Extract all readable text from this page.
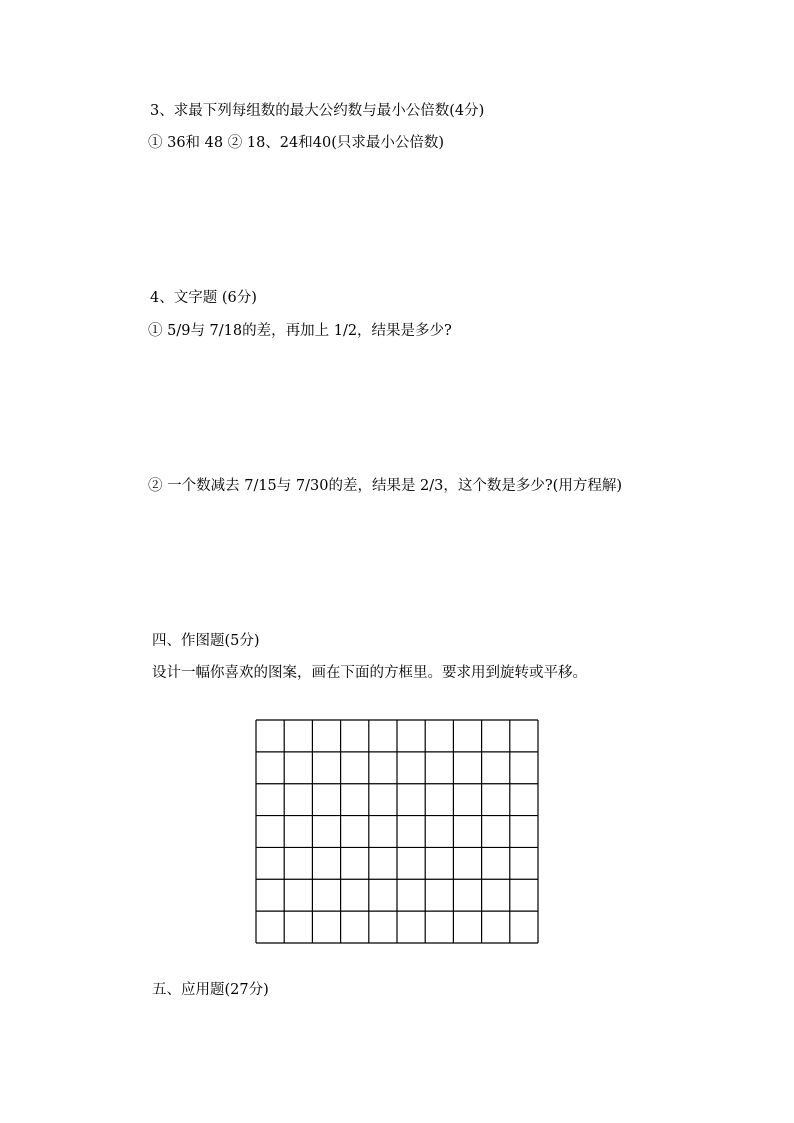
3、求最下列每组数的最大公约数与最小公倍数(4分)
① 36和 48 ② 18、24和40(只求最小公倍数)
4、文字题 (6分)
① 5/9与 7/18的差，再加上 1/2，结果是多少?
② 一个数减去 7/15与 7/30的差，结果是 2/3，这个数是多少?(用方程解)
四、作图题(5分)
设计一幅你喜欢的图案，画在下面的方框里。要求用到旋转或平移。
五、应用题(27分)
